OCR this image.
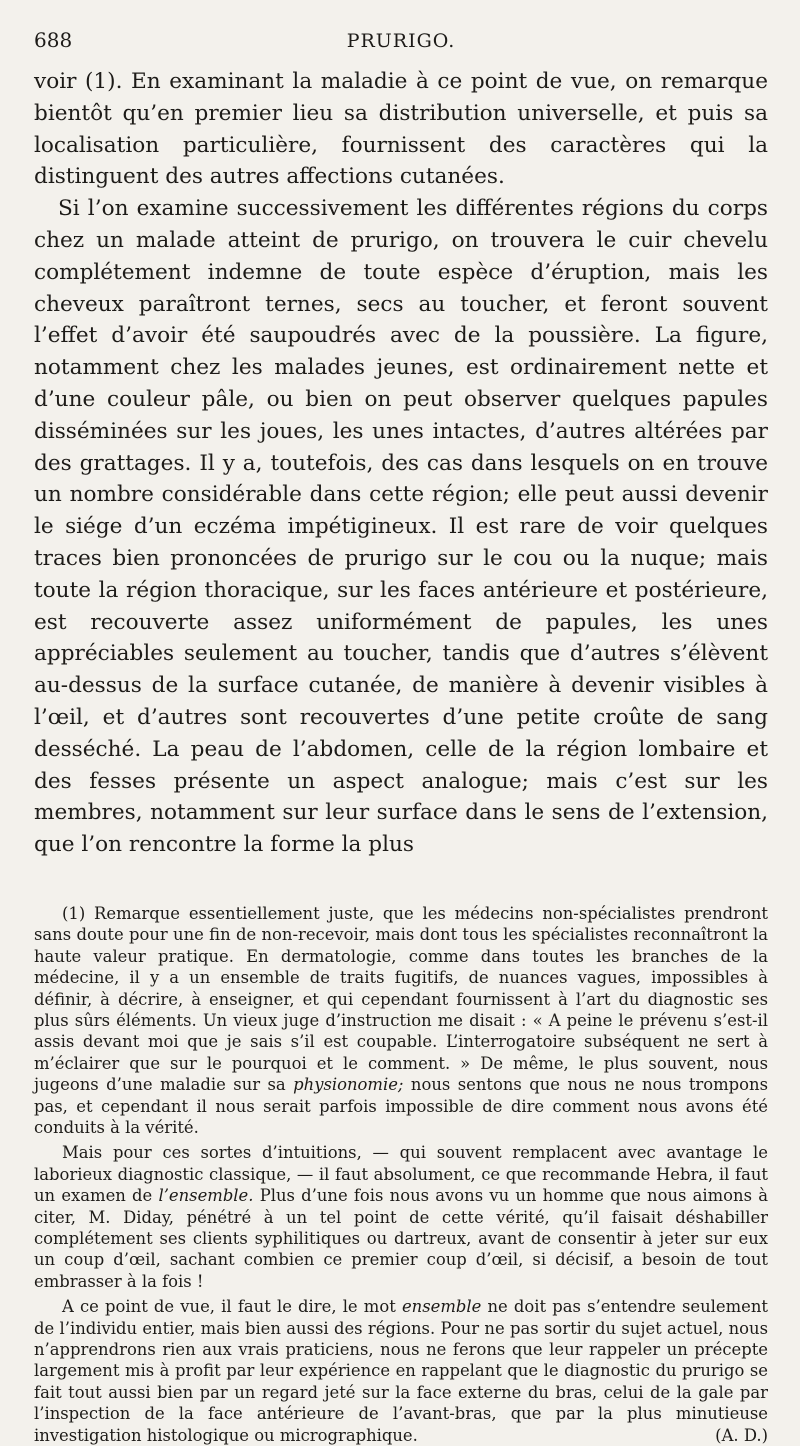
688	PRURIGO.

voir (1). En examinant la maladie à ce point de vue, on remarque bientôt qu’en premier lieu sa distribution universelle, et puis sa localisation particulière, fournissent des caractères qui la distinguent des autres affections cutanées.

Si l’on examine successivement les différentes régions du corps chez un malade atteint de prurigo, on trouvera le cuir chevelu complétement indemne de toute espèce d’éruption, mais les cheveux paraîtront ternes, secs au toucher, et feront souvent l’effet d’avoir été saupoudrés avec de la poussière. La figure, notamment chez les malades jeunes, est ordinairement nette et d’une couleur pâle, ou bien on peut observer quelques papules disséminées sur les joues, les unes intactes, d’autres altérées par des grattages. Il y a, toutefois, des cas dans lesquels on en trouve un nombre considérable dans cette région; elle peut aussi devenir le siége d’un eczéma impétigineux. Il est rare de voir quelques traces bien prononcées de prurigo sur le cou ou la nuque; mais toute la région thoracique, sur les faces antérieure et postérieure, est recouverte assez uniformément de papules, les unes appréciables seulement au toucher, tandis que d’autres s’élèvent au-dessus de la surface cutanée, de manière à devenir visibles à l’œil, et d’autres sont recouvertes d’une petite croûte de sang desséché. La peau de l’abdomen, celle de la région lombaire et des fesses présente un aspect analogue; mais c’est sur les membres, notamment sur leur surface dans le sens de l’extension, que l’on rencontre la forme la plus

(1) Remarque essentiellement juste, que les médecins non-spécialistes prendront sans doute pour une fin de non-recevoir, mais dont tous les spécialistes reconnaîtront la haute valeur pratique. En dermatologie, comme dans toutes les branches de la médecine, il y a un ensemble de traits fugitifs, de nuances vagues, impossibles à définir, à décrire, à enseigner, et qui cependant fournissent à l’art du diagnostic ses plus sûrs éléments. Un vieux juge d’instruction me disait : « A peine le prévenu s’est-il assis devant moi que je sais s’il est coupable. L’interrogatoire subséquent ne sert à m’éclairer que sur le pourquoi et le comment. » De même, le plus souvent, nous jugeons d’une maladie sur sa physionomie; nous sentons que nous ne nous trompons pas, et cependant il nous serait parfois impossible de dire comment nous avons été conduits à la vérité.

Mais pour ces sortes d’intuitions, — qui souvent remplacent avec avantage le laborieux diagnostic classique, — il faut absolument, ce que recommande Hebra, il faut un examen de l’ensemble. Plus d’une fois nous avons vu un homme que nous aimons à citer, M. Diday, pénétré à un tel point de cette vérité, qu’il faisait déshabiller complétement ses clients syphilitiques ou dartreux, avant de consentir à jeter sur eux un coup d’œil, sachant combien ce premier coup d’œil, si décisif, a besoin de tout embrasser à la fois !

A ce point de vue, il faut le dire, le mot ensemble ne doit pas s’entendre seulement de l’individu entier, mais bien aussi des régions. Pour ne pas sortir du sujet actuel, nous n’apprendrons rien aux vrais praticiens, nous ne ferons que leur rappeler un précepte largement mis à profit par leur expérience en rappelant que le diagnostic du prurigo se fait tout aussi bien par un regard jeté sur la face externe du bras, celui de la gale par l’inspection de la face antérieure de l’avant-bras, que par la plus minutieuse investigation histologique ou micrographique.	(A. D.)
